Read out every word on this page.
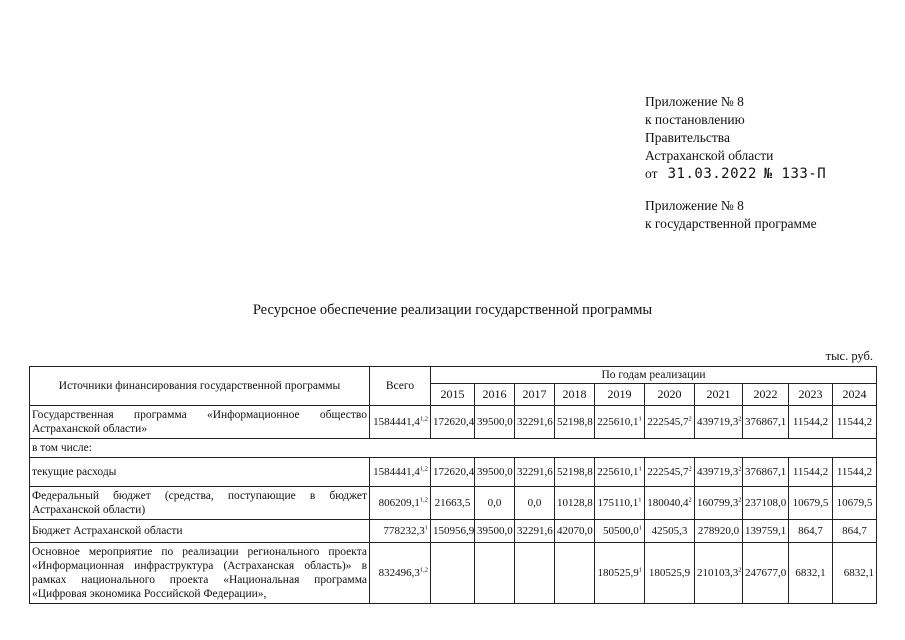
Приложение № 8
к постановлению
Правительства
Астраханской области
от 31.03.2022 № 133-П
Приложение № 8
к государственной программе
Ресурсное обеспечение реализации государственной программы
тыс. руб.
Источники финансирования государственной программы	Всего	По годам реализации									
		2015	2016	2017	2018	2019	2020	2021	2022	2023	2024
Государственная программа «Информационное общество Астраханской области»	1584441,4$^{1,2}$	172620,4	39500,0	32291,6	52198,8	225610,1$^1$	222545,7$^2$	439719,3$^2$	376867,1	11544,2	11544,2
в том числе:											
текущие расходы	1584441,4$^{1,2}$	172620,4	39500,0	32291,6	52198,8	225610,1$^1$	222545,7$^2$	439719,3$^2$	376867,1	11544,2	11544,2
Федеральный бюджет (средства, поступающие в бюджет Астраханской области)	806209,1$^{1,2}$	21663,5	0,0	0,0	10128,8	175110,1$^1$	180040,4$^2$	160799,3$^2$	237108,0	10679,5	10679,5
Бюджет Астраханской области	778232,3$^1$	150956,9	39500,0	32291,6	42070,0	50500,0$^1$	42505,3	278920,0	139759,1	864,7	864,7
Основное мероприятие по реализации регионального проекта «Информационная инфраструктура (Астраханская область)» в рамках национального проекта «Национальная программа «Цифровая экономика Российской Федерации»,	832496,3$^{1,2}$					180525,9$^1$	180525,9	210103,3$^2$	247677,0	6832,1	6832,1
